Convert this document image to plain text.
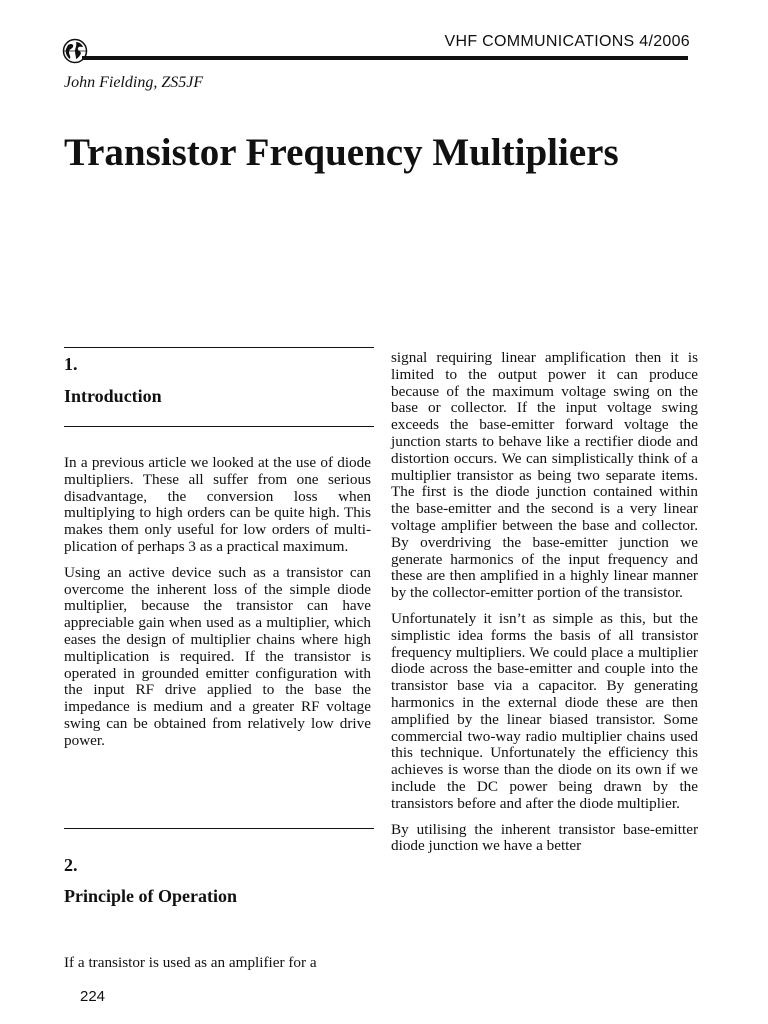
VHF COMMUNICATIONS 4/2006
John Fielding, ZS5JF
Transistor Frequency Multipliers
1.
Introduction

In a previous article we looked at the use of diode multipliers. These all suffer from one serious disadvantage, the conversion loss when multiplying to high orders can be quite high. This makes them only useful for low orders of multiplication of perhaps 3 as a practical maximum.

Using an active device such as a transistor can overcome the inherent loss of the simple diode multiplier, because the transistor can have appreciable gain when used as a multiplier, which eases the design of multiplier chains where high multiplication is required. If the transistor is operated in grounded emitter configuration with the input RF drive applied to the base the impedance is medium and a greater RF voltage swing can be obtained from relatively low drive power.

2.
Principle of Operation

If a transistor is used as an amplifier for a

signal requiring linear amplification then it is limited to the output power it can produce because of the maximum voltage swing on the base or collector. If the input voltage swing exceeds the base-emitter forward voltage the junction starts to behave like a rectifier diode and distortion occurs. We can simplistically think of a multiplier transistor as being two separate items. The first is the diode junction contained within the base-emitter and the second is a very linear voltage amplifier between the base and collector. By overdriving the base-emitter junction we generate harmonics of the input frequency and these are then amplified in a highly linear manner by the collector-emitter portion of the transistor.

Unfortunately it isn’t as simple as this, but the simplistic idea forms the basis of all transistor frequency multipliers. We could place a multiplier diode across the base-emitter and couple into the transistor base via a capacitor. By generating harmonics in the external diode these are then amplified by the linear biased transistor. Some commercial two-way radio multiplier chains used this technique. Unfortunately the efficiency this achieves is worse than the diode on its own if we include the DC power being drawn by the transistors before and after the diode multiplier.

By utilising the inherent transistor base-emitter diode junction we have a better

224
